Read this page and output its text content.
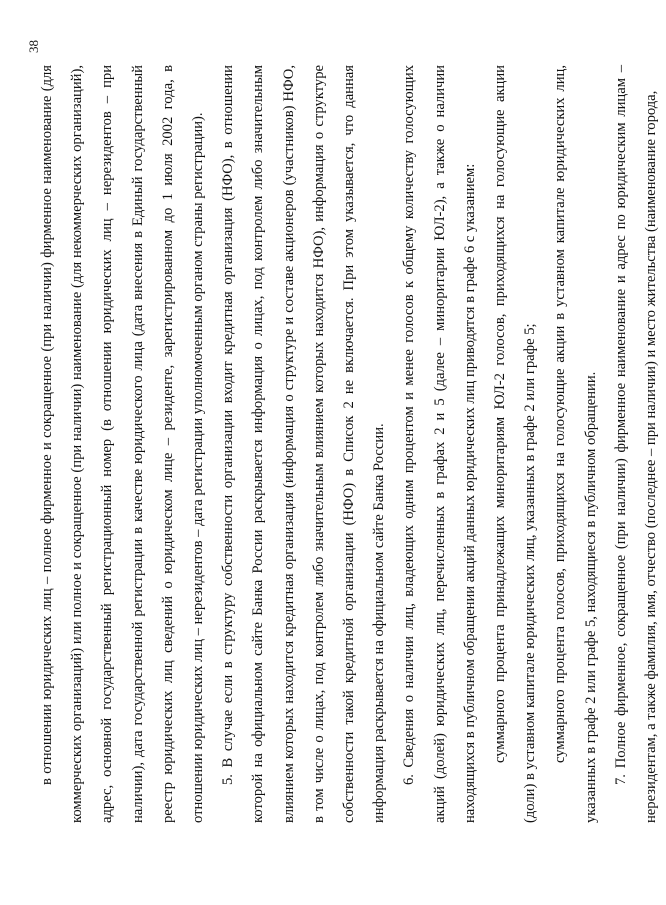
38

в отношении юридических лиц – полное фирменное и сокращенное (при наличии) фирменное наименование (для коммерческих организаций) или полное и сокращенное (при наличии) наименование (для некоммерческих организаций), адрес, основной государственный регистрационный номер (в отношении юридических лиц – нерезидентов – при наличии), дата государственной регистрации в качестве юридического лица (дата внесения в Единый государственный реестр юридических лиц сведений о юридическом лице – резиденте, зарегистрированном до 1 июля 2002 года, в отношении юридических лиц – нерезидентов – дата регистрации уполномоченным органом страны регистрации). 5. В случае если в структуру собственности организации входит кредитная организация (НФО), в отношении которой на официальном сайте Банка России раскрывается информация о лицах, под контролем либо значительным влиянием которых находится кредитная организация (информация о структуре и составе акционеров (участников) НФО, в том числе о лицах, под контролем либо значительным влиянием которых находится НФО), информация о структуре собственности такой кредитной организации (НФО) в Список 2 не включается. При этом указывается, что данная информация раскрывается на официальном сайте Банка России. 6. Сведения о наличии лиц, владеющих одним процентом и менее голосов к общему количеству голосующих акций (долей) юридических лиц, перечисленных в графах 2 и 5 (далее – миноритарии ЮЛ-2), а также о наличии находящихся в публичном обращении акций данных юридических лиц приводятся в графе 6 с указанием: суммарного процента принадлежащих миноритариям ЮЛ-2 голосов, приходящихся на голосующие акции (доли) в уставном капитале юридических лиц, указанных в графе 2 или графе 5; суммарного процента голосов, приходящихся на голосующие акции в уставном капитале юридических лиц, указанных в графе 2 или графе 5, находящиеся в публичном обращении. 7. Полное фирменное, сокращенное (при наличии) фирменное наименование и адрес по юридическим лицам – нерезидентам, а также фамилия, имя, отчество (последнее – при наличии) и место жительства (наименование города,
